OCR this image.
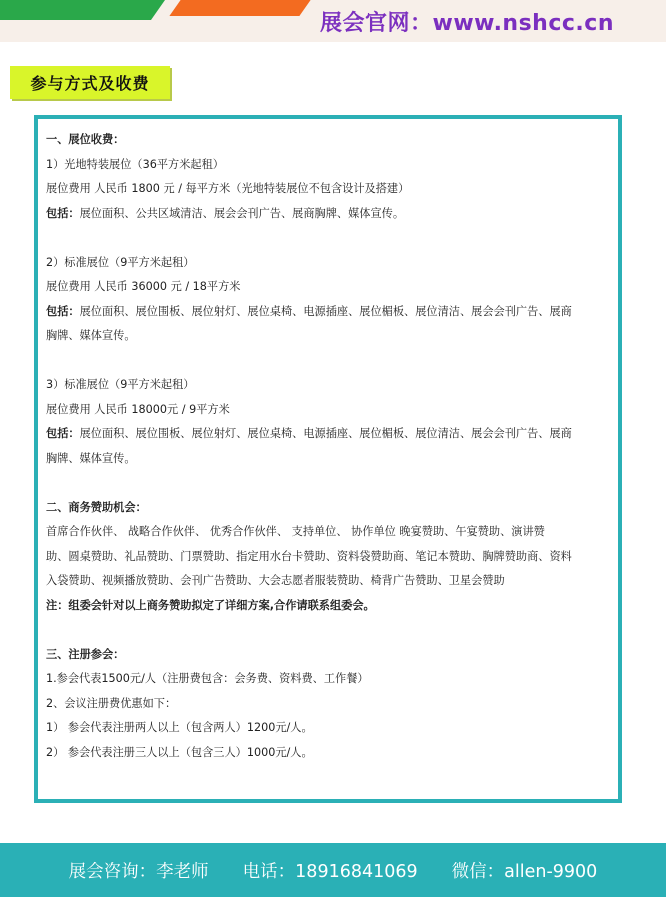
展会官网：www.nshcc.cn
参与方式及收费
一、展位收费：
1）光地特装展位（36平方米起租）
展位费用 人民币 1800 元 / 每平方米（光地特装展位不包含设计及搭建）
包括：展位面积、公共区域清洁、展会会刊广告、展商胸牌、媒体宣传。
2）标准展位（9平方米起租）
展位费用 人民币 36000 元 / 18平方米
包括：展位面积、展位围板、展位射灯、展位桌椅、电源插座、展位楣板、展位清洁、展会会刊广告、展商
胸牌、媒体宣传。
3）标准展位（9平方米起租）
展位费用 人民币 18000元 / 9平方米
包括：展位面积、展位围板、展位射灯、展位桌椅、电源插座、展位楣板、展位清洁、展会会刊广告、展商
胸牌、媒体宣传。
二、商务赞助机会：
首席合作伙伴、 战略合作伙伴、 优秀合作伙伴、 支持单位、 协作单位 晚宴赞助、午宴赞助、演讲赞
助、圆桌赞助、礼品赞助、门票赞助、指定用水台卡赞助、资料袋赞助商、笔记本赞助、胸牌赞助商、资料
入袋赞助、视频播放赞助、会刊广告赞助、大会志愿者服装赞助、椅背广告赞助、卫星会赞助
注：组委会针对以上商务赞助拟定了详细方案,合作请联系组委会。
三、注册参会：
1.参会代表1500元/人（注册费包含：会务费、资料费、工作餐）
2、会议注册费优惠如下：
1） 参会代表注册两人以上（包含两人）1200元/人。
2） 参会代表注册三人以上（包含三人）1000元/人。
展会咨询：李老师 电话：18916841069 微信：allen-9900
